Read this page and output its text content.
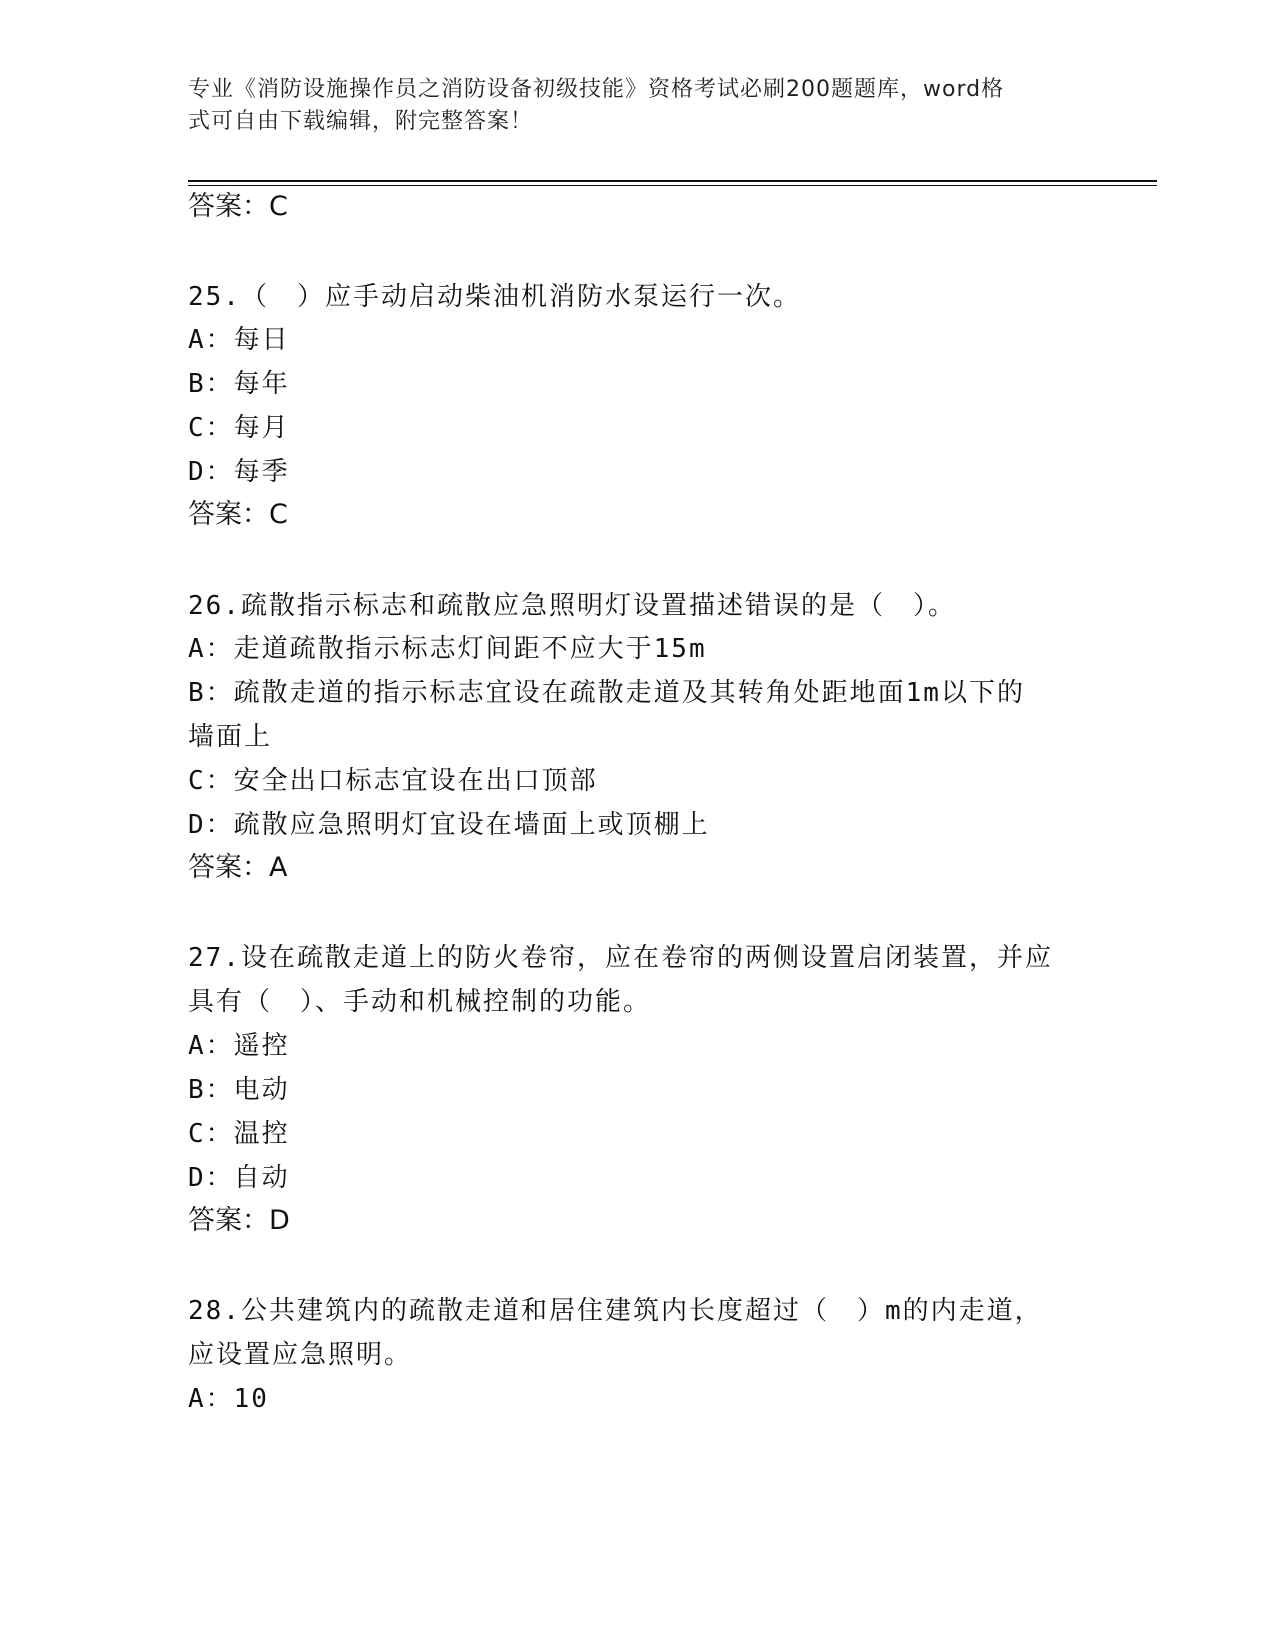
专业《消防设施操作员之消防设备初级技能》资格考试必刷200题题库，word格
式可自由下载编辑，附完整答案！
答案：C
25.（　）应手动启动柴油机消防水泵运行一次。
A：每日
B：每年
C：每月
D：每季
答案：C
26.疏散指示标志和疏散应急照明灯设置描述错误的是（　）。
A：走道疏散指示标志灯间距不应大于15m
B：疏散走道的指示标志宜设在疏散走道及其转角处距地面1m以下的
墙面上
C：安全出口标志宜设在出口顶部
D：疏散应急照明灯宜设在墙面上或顶棚上
答案：A
27.设在疏散走道上的防火卷帘，应在卷帘的两侧设置启闭装置，并应
具有（　）、手动和机械控制的功能。
A：遥控
B：电动
C：温控
D：自动
答案：D
28.公共建筑内的疏散走道和居住建筑内长度超过（　）m的内走道，
应设置应急照明。
A：10
